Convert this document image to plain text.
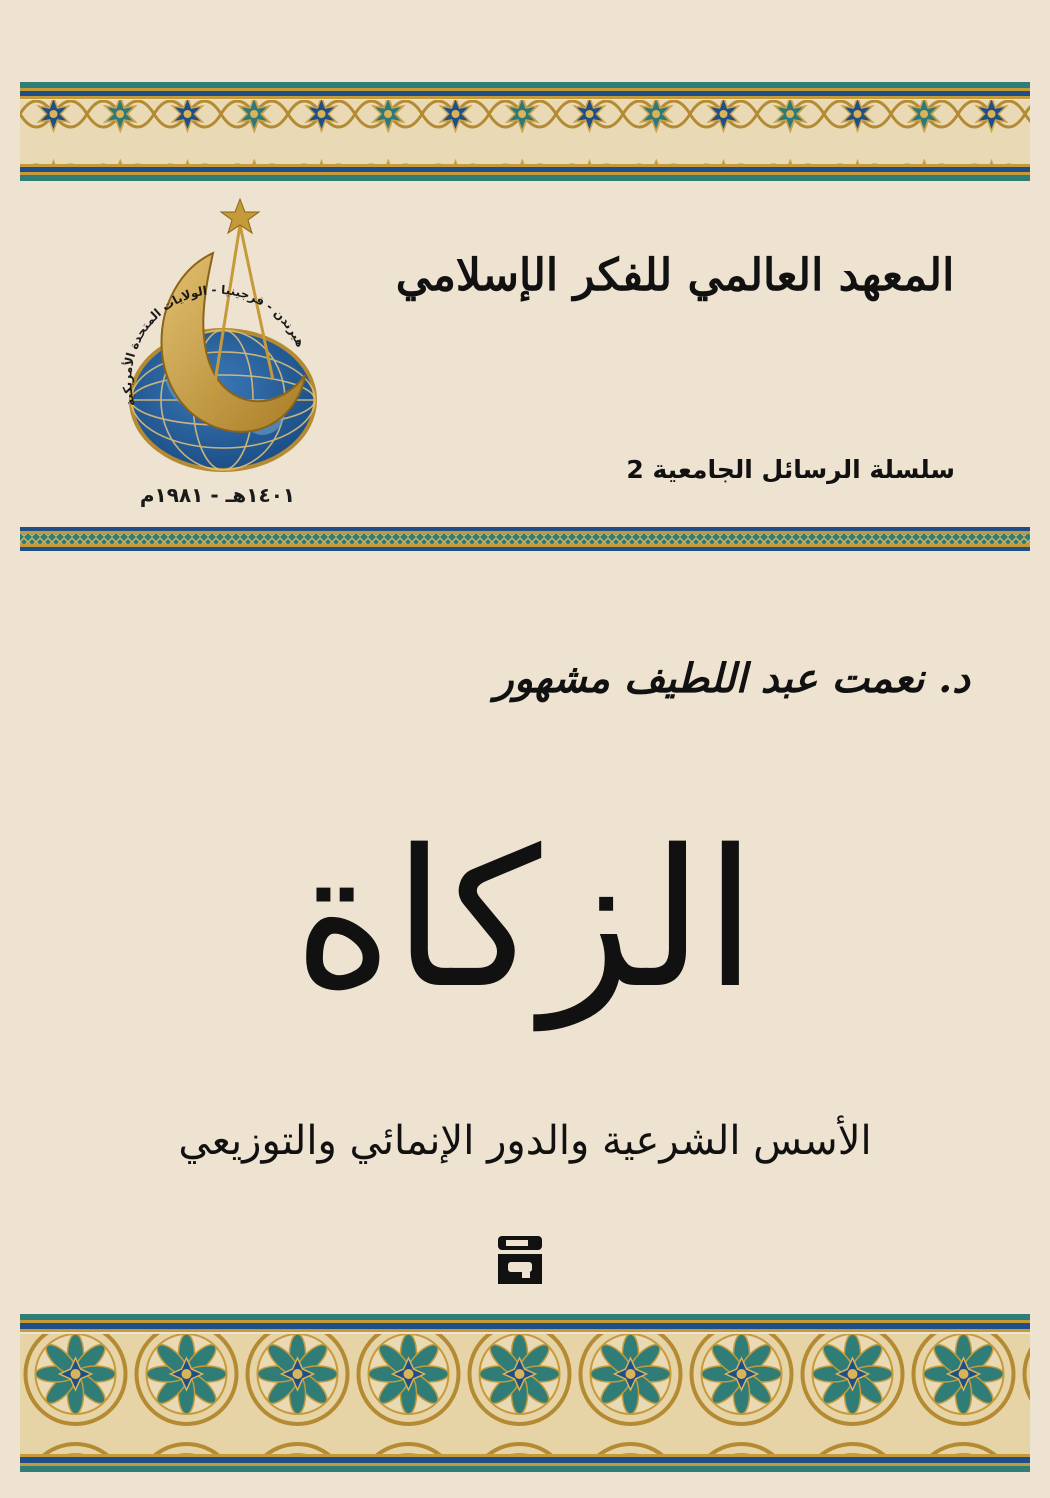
هيرندن - فرجينيا - الولايات المتحدة الأمريكية
١٤٠١هـ - ١٩٨١م
المعهد العالمي للفكر الإسلامي
سلسلة الرسائل الجامعية 2
د. نعمت عبد اللطيف مشهور
الزكاة
الأسس الشرعية والدور الإنمائي والتوزيعي
